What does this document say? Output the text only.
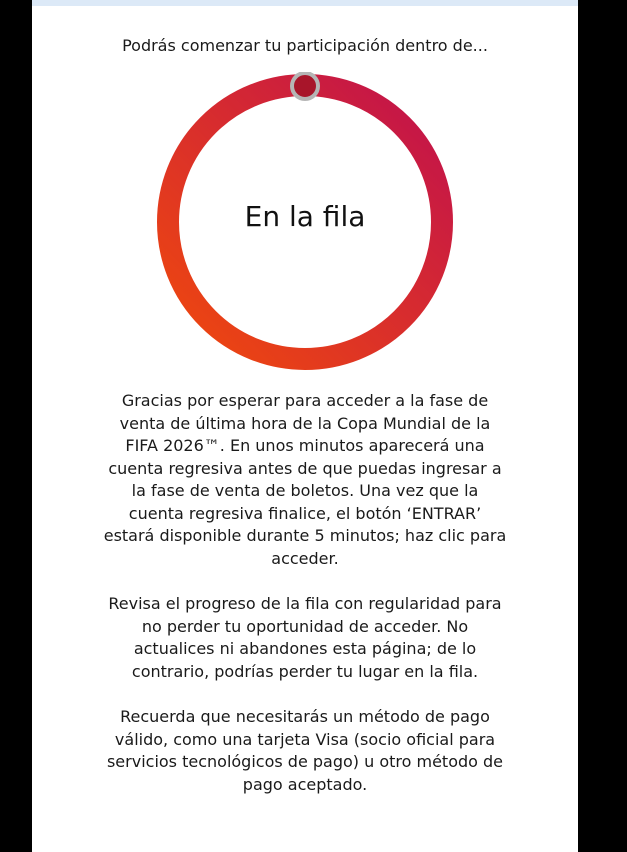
Podrás comenzar tu participación dentro de...

En la fila

Gracias por esperar para acceder a la fase de venta de última hora de la Copa Mundial de la FIFA 2026™. En unos minutos aparecerá una cuenta regresiva antes de que puedas ingresar a la fase de venta de boletos. Una vez que la cuenta regresiva finalice, el botón ‘ENTRAR’ estará disponible durante 5 minutos; haz clic para acceder.

Revisa el progreso de la fila con regularidad para no perder tu oportunidad de acceder. No actualices ni abandones esta página; de lo contrario, podrías perder tu lugar en la fila.

Recuerda que necesitarás un método de pago válido, como una tarjeta Visa (socio oficial para servicios tecnológicos de pago) u otro método de pago aceptado.
